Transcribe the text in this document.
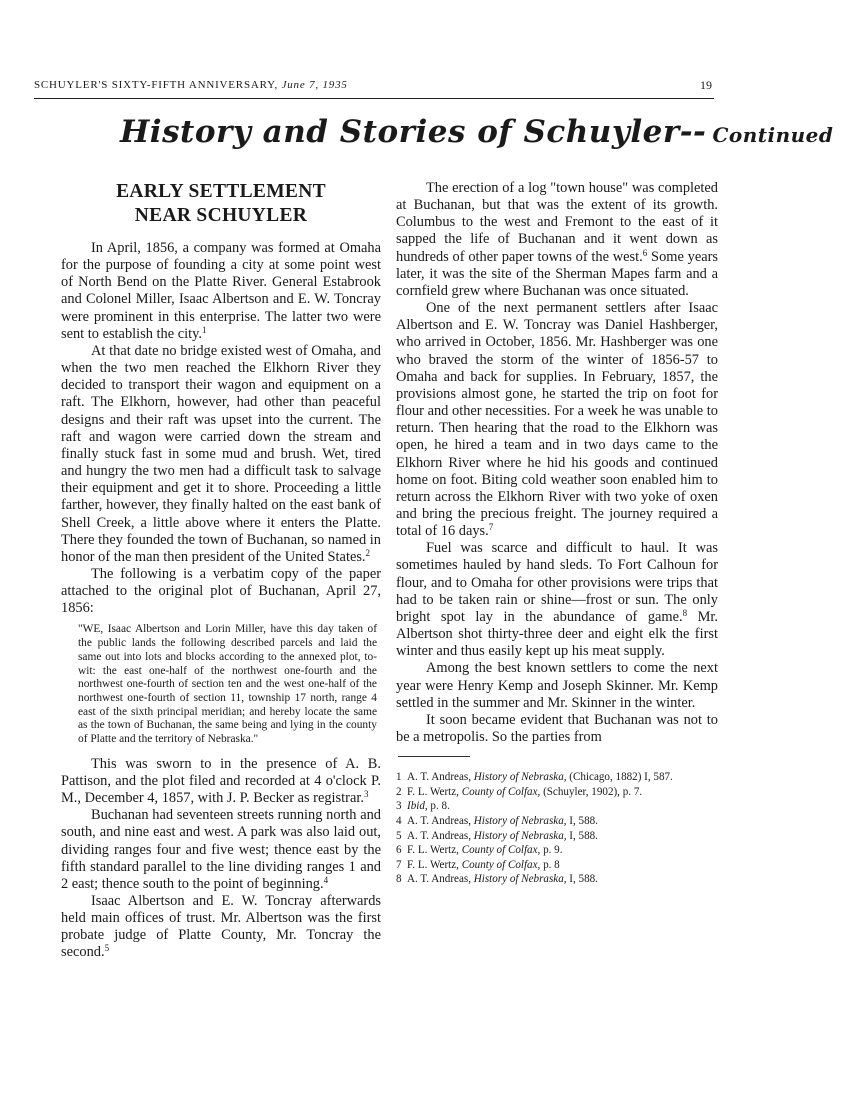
SCHUYLER'S SIXTY-FIFTH ANNIVERSARY, June 7, 1935	19
History and Stories of Schuyler-- Continued
EARLY SETTLEMENT
NEAR SCHUYLER

In April, 1856, a company was formed at Omaha for the purpose of founding a city at some point west of North Bend on the Platte River. General Estabrook and Colonel Miller, Isaac Albertson and E. W. Toncray were prominent in this enterprise. The latter two were sent to establish the city.$^1$

At that date no bridge existed west of Omaha, and when the two men reached the Elkhorn River they decided to transport their wagon and equipment on a raft. The Elkhorn, however, had other than peaceful designs and their raft was upset into the current. The raft and wagon were carried down the stream and finally stuck fast in some mud and brush. Wet, tired and hungry the two men had a difficult task to salvage their equipment and get it to shore. Proceeding a little farther, however, they finally halted on the east bank of Shell Creek, a little above where it enters the Platte. There they founded the town of Buchanan, so named in honor of the man then president of the United States.$^2$

The following is a verbatim copy of the paper attached to the original plot of Buchanan, April 27, 1856:

"WE, Isaac Albertson and Lorin Miller, have this day taken of the public lands the following described parcels and laid the same out into lots and blocks according to the annexed plot, to-wit: the east one-half of the northwest one-fourth and the northwest one-fourth of section ten and the west one-half of the northwest one-fourth of section 11, township 17 north, range 4 east of the sixth principal meridian; and hereby locate the same as the town of Buchanan, the same being and lying in the county of Platte and the territory of Nebraska."

This was sworn to in the presence of A. B. Pattison, and the plot filed and recorded at 4 o'clock P. M., December 4, 1857, with J. P. Becker as registrar.$^3$

Buchanan had seventeen streets running north and south, and nine east and west. A park was also laid out, dividing ranges four and five west; thence east by the fifth standard parallel to the line dividing ranges 1 and 2 east; thence south to the point of beginning.$^4$

Isaac Albertson and E. W. Toncray afterwards held main offices of trust. Mr. Albertson was the first probate judge of Platte County, Mr. Toncray the second.$^5$

The erection of a log "town house" was completed at Buchanan, but that was the extent of its growth. Columbus to the west and Fremont to the east of it sapped the life of Buchanan and it went down as hundreds of other paper towns of the west.$^6$ Some years later, it was the site of the Sherman Mapes farm and a cornfield grew where Buchanan was once situated.

One of the next permanent settlers after Isaac Albertson and E. W. Toncray was Daniel Hashberger, who arrived in October, 1856. Mr. Hashberger was one who braved the storm of the winter of 1856-57 to Omaha and back for supplies. In February, 1857, the provisions almost gone, he started the trip on foot for flour and other necessities. For a week he was unable to return. Then hearing that the road to the Elkhorn was open, he hired a team and in two days came to the Elkhorn River where he hid his goods and continued home on foot. Biting cold weather soon enabled him to return across the Elkhorn River with two yoke of oxen and bring the precious freight. The journey required a total of 16 days.$^7$

Fuel was scarce and difficult to haul. It was sometimes hauled by hand sleds. To Fort Calhoun for flour, and to Omaha for other provisions were trips that had to be taken rain or shine—frost or sun. The only bright spot lay in the abundance of game.$^8$ Mr. Albertson shot thirty-three deer and eight elk the first winter and thus easily kept up his meat supply.

Among the best known settlers to come the next year were Henry Kemp and Joseph Skinner. Mr. Kemp settled in the summer and Mr. Skinner in the winter.

It soon became evident that Buchanan was not to be a metropolis. So the parties from

1 A. T. Andreas, History of Nebraska, (Chicago, 1882) I, 587.
2 F. L. Wertz, County of Colfax, (Schuyler, 1902), p. 7.
3 Ibid, p. 8.
4 A. T. Andreas, History of Nebraska, I, 588.
5 A. T. Andreas, History of Nebraska, I, 588.
6 F. L. Wertz, County of Colfax, p. 9.
7 F. L. Wertz, County of Colfax, p. 8
8 A. T. Andreas, History of Nebraska, I, 588.
